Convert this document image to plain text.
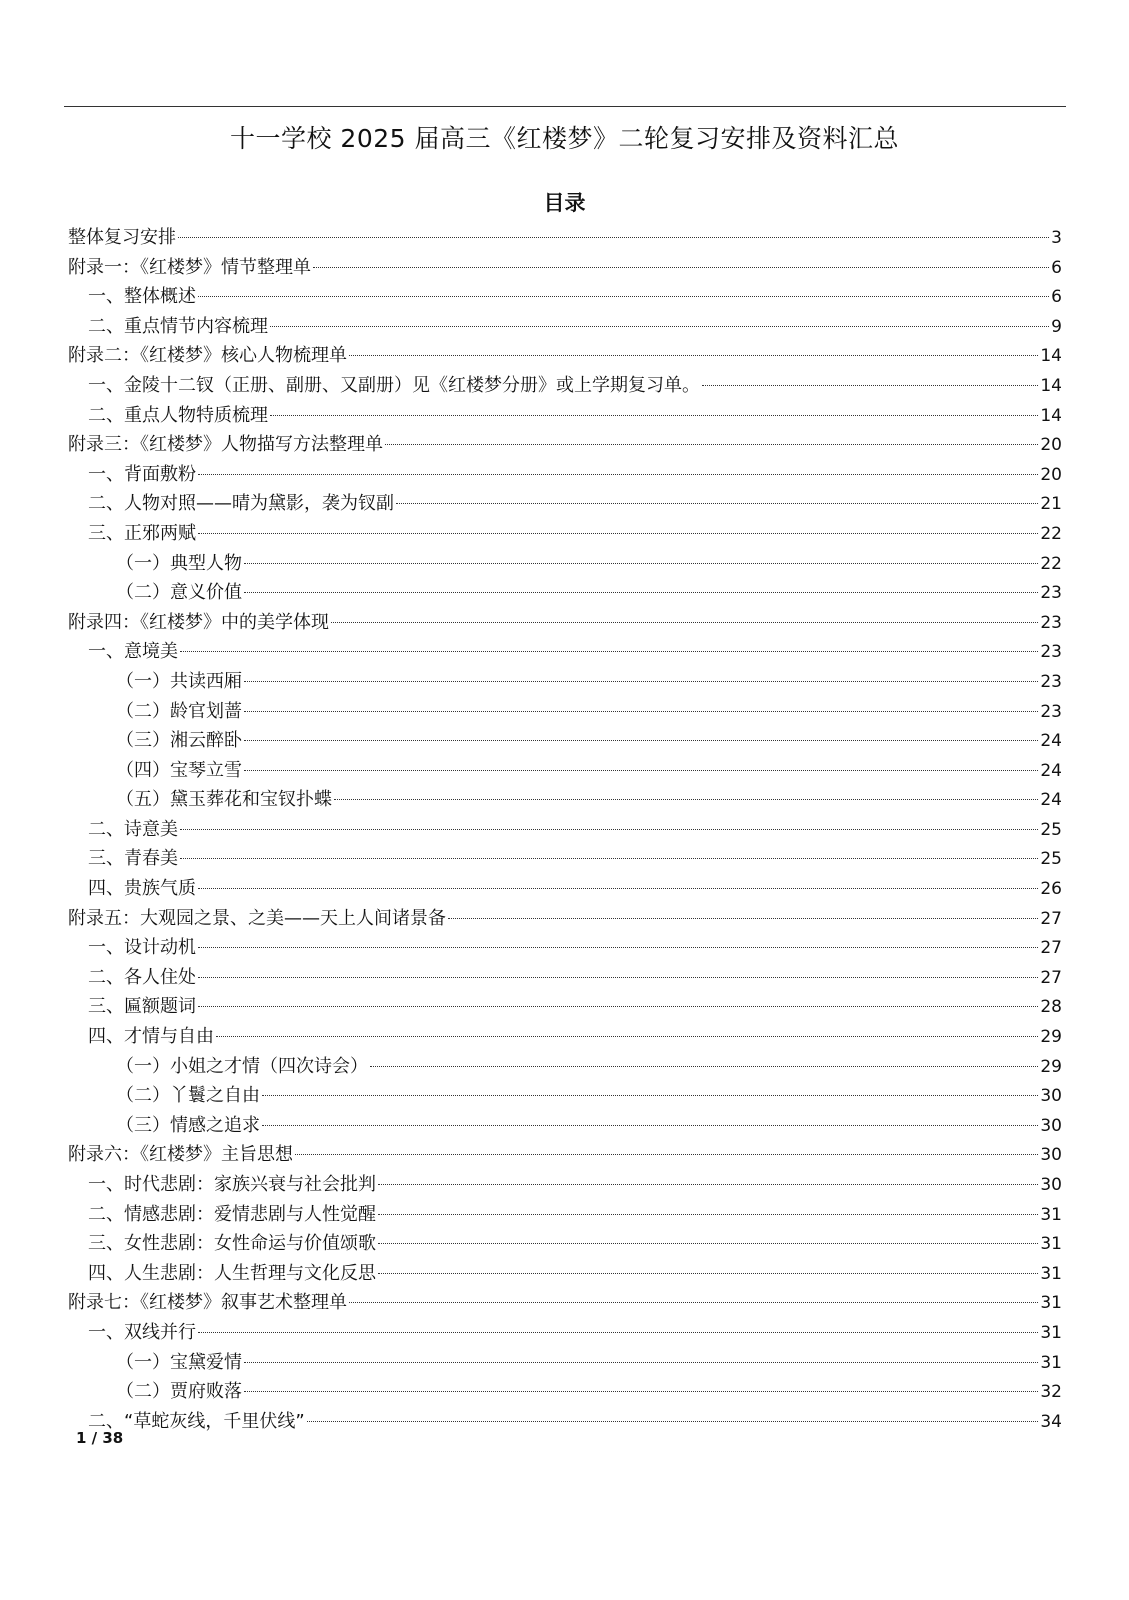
十一学校 2025 届高三《红楼梦》二轮复习安排及资料汇总
目录
整体复习安排	3
附录一：《红楼梦》情节整理单	6
一、整体概述	6
二、重点情节内容梳理	9
附录二：《红楼梦》核心人物梳理单	14
一、金陵十二钗（正册、副册、又副册）见《红楼梦分册》或上学期复习单。	14
二、重点人物特质梳理	14
附录三：《红楼梦》人物描写方法整理单	20
一、背面敷粉	20
二、人物对照——晴为黛影，袭为钗副	21
三、正邪两赋	22
（一）典型人物	22
（二）意义价值	23
附录四：《红楼梦》中的美学体现	23
一、意境美	23
（一）共读西厢	23
（二）龄官划蔷	23
（三）湘云醉卧	24
（四）宝琴立雪	24
（五）黛玉葬花和宝钗扑蝶	24
二、诗意美	25
三、青春美	25
四、贵族气质	26
附录五：大观园之景、之美——天上人间诸景备	27
一、设计动机	27
二、各人住处	27
三、匾额题词	28
四、才情与自由	29
（一）小姐之才情（四次诗会）	29
（二）丫鬟之自由	30
（三）情感之追求	30
附录六：《红楼梦》主旨思想	30
一、时代悲剧：家族兴衰与社会批判	30
二、情感悲剧：爱情悲剧与人性觉醒	31
三、女性悲剧：女性命运与价值颂歌	31
四、人生悲剧：人生哲理与文化反思	31
附录七：《红楼梦》叙事艺术整理单	31
一、双线并行	31
（一）宝黛爱情	31
（二）贾府败落	32
二、“草蛇灰线，千里伏线”	34
1 / 38
